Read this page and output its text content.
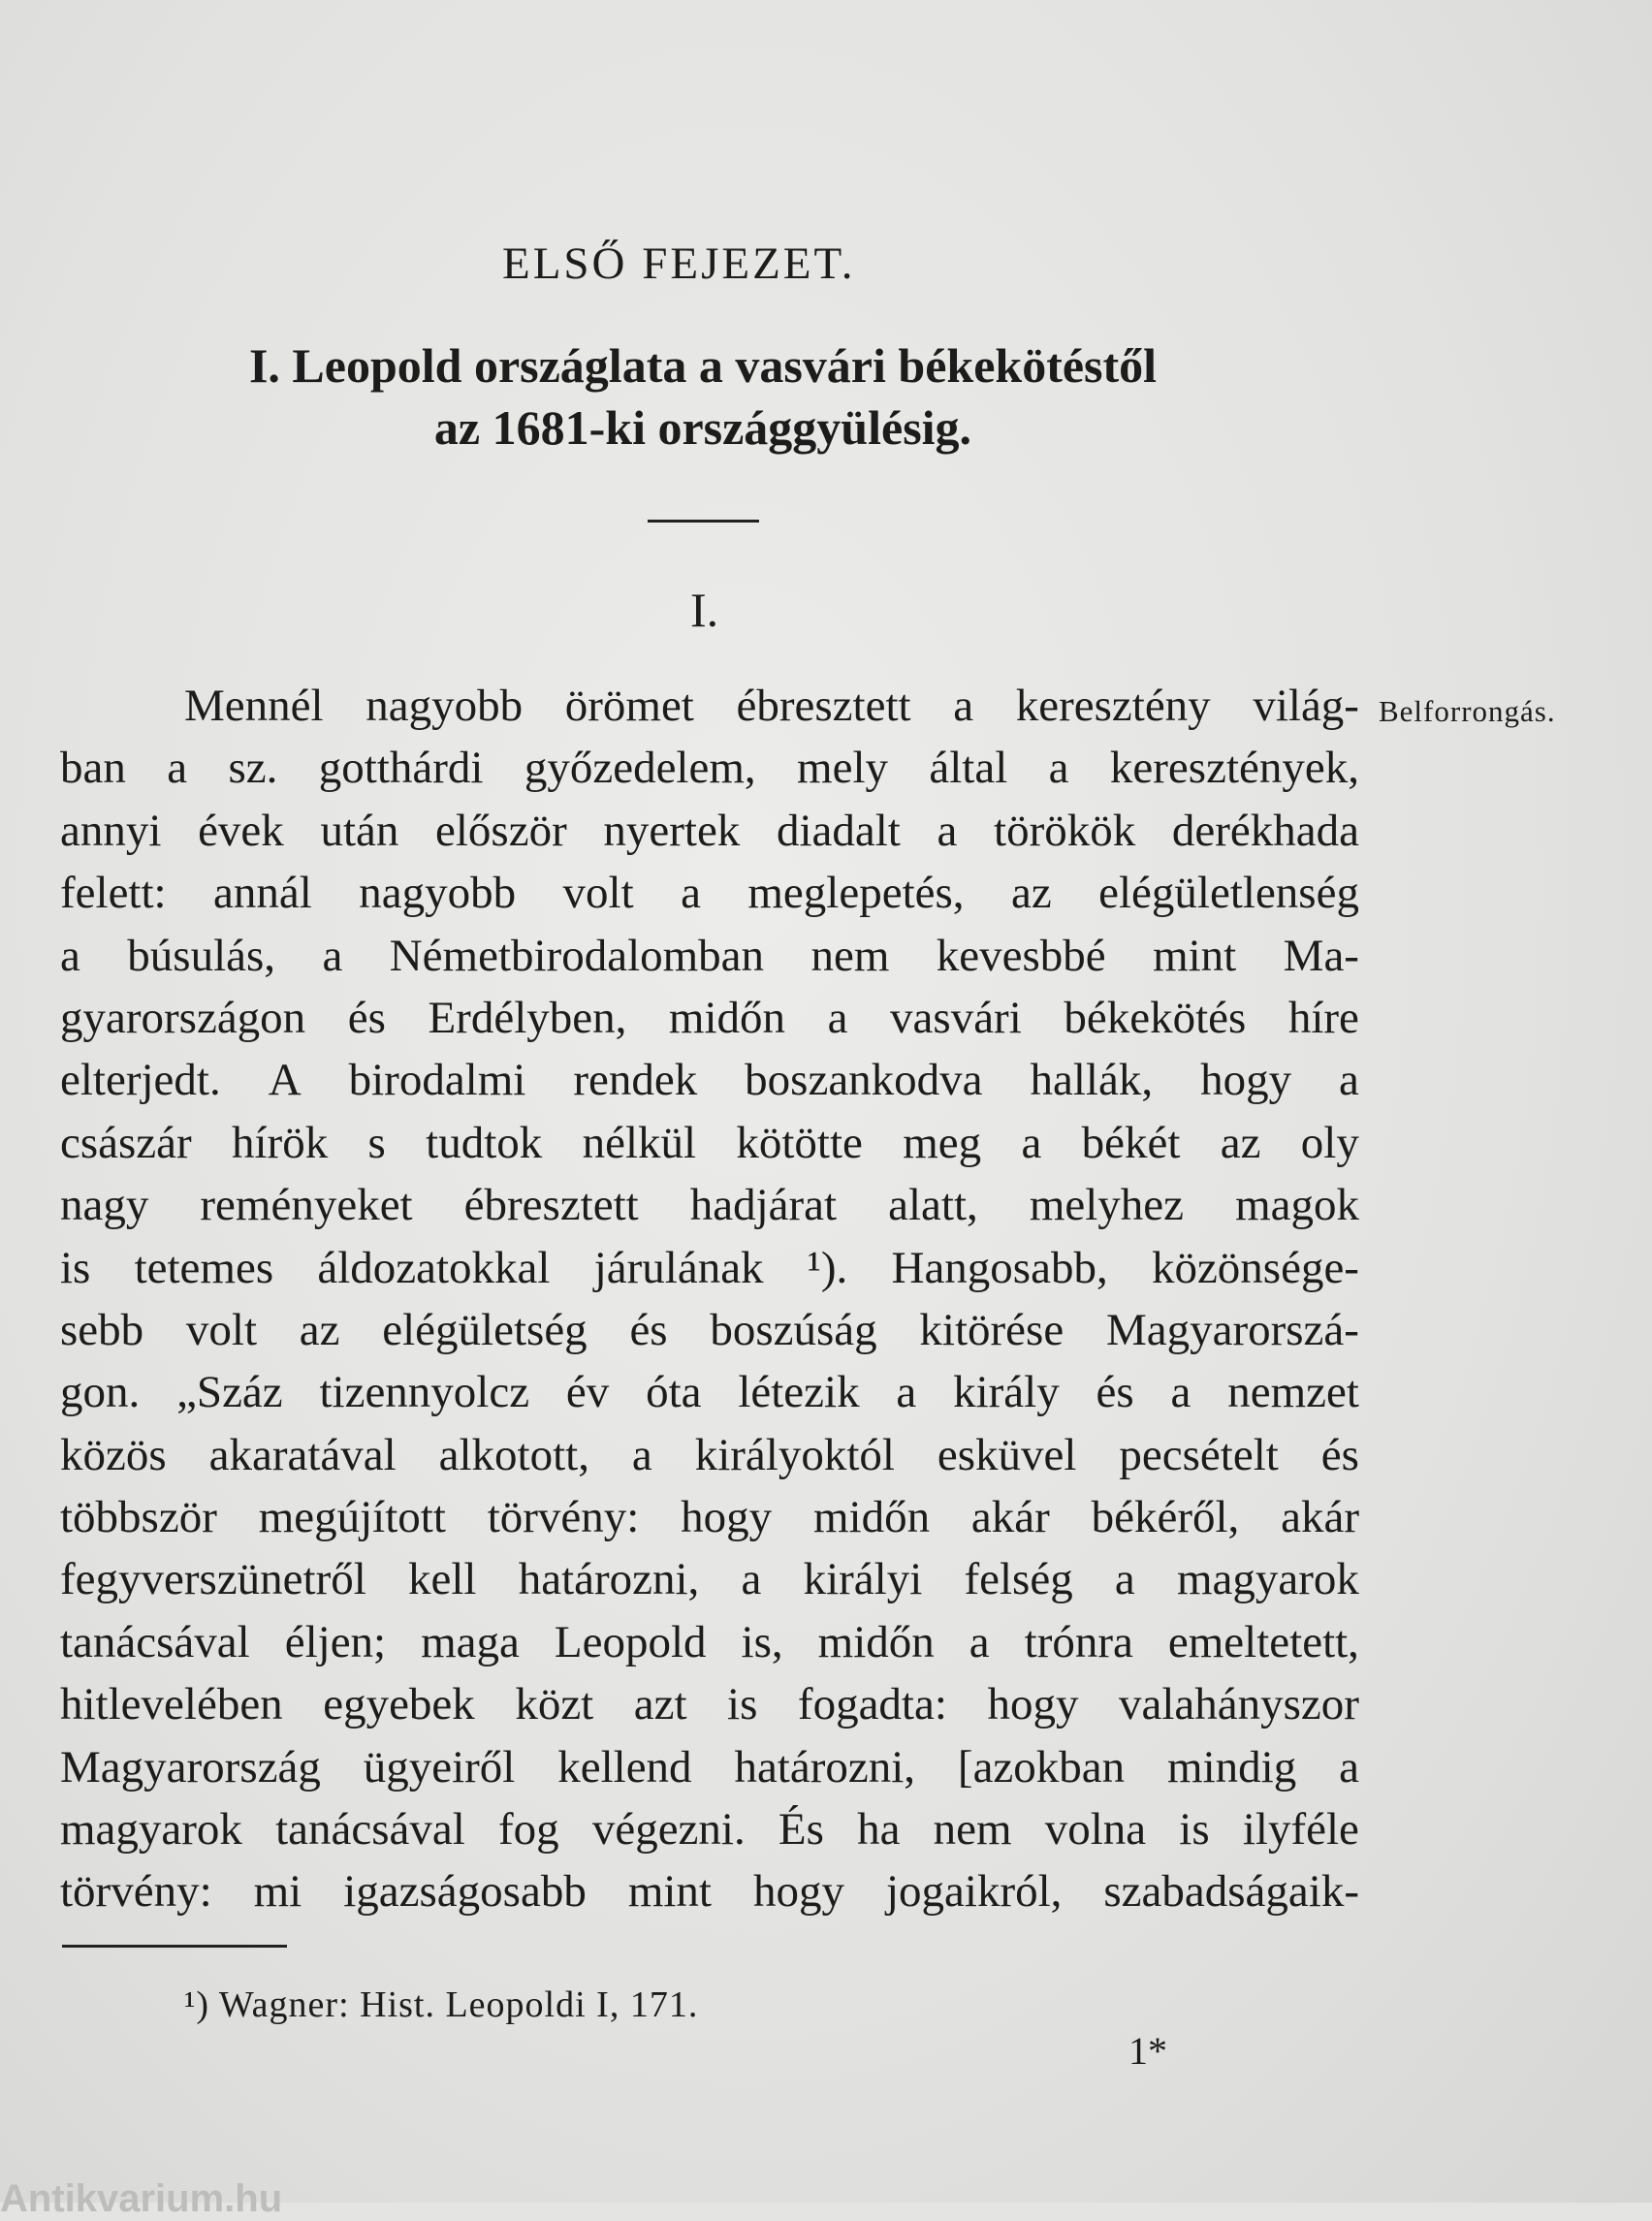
ELSŐ FEJEZET.
I. Leopold országlata a vasvári békekötéstől
az 1681-ki országgyülésig.
I.
Belforrongás.
Mennél nagyobb örömet ébresztett a keresztény világ-
ban a sz. gotthárdi győzedelem, mely által a keresztények,
annyi évek után először nyertek diadalt a törökök derékhada
felett: annál nagyobb volt a meglepetés, az elégületlenség
a búsulás, a Németbirodalomban nem kevesbbé mint Ma-
gyarországon és Erdélyben, midőn a vasvári békekötés híre
elterjedt. A birodalmi rendek boszankodva hallák, hogy a
császár hírök s tudtok nélkül kötötte meg a békét az oly
nagy reményeket ébresztett hadjárat alatt, melyhez magok
is tetemes áldozatokkal járulának ¹). Hangosabb, közönsége-
sebb volt az elégületség és boszúság kitörése Magyarorszá-
gon. „Száz tizennyolcz év óta létezik a király és a nemzet
közös akaratával alkotott, a királyoktól esküvel pecsételt és
többször megújított törvény: hogy midőn akár békéről, akár
fegyverszünetről kell határozni, a királyi felség a magyarok
tanácsával éljen; maga Leopold is, midőn a trónra emeltetett,
hitlevelében egyebek közt azt is fogadta: hogy valahányszor
Magyarország ügyeiről kellend határozni, [azokban mindig a
magyarok tanácsával fog végezni. És ha nem volna is ilyféle
törvény: mi igazságosabb mint hogy jogaikról, szabadságaik-
¹) Wagner: Hist. Leopoldi I, 171.
1*
Antikvarium.hu
